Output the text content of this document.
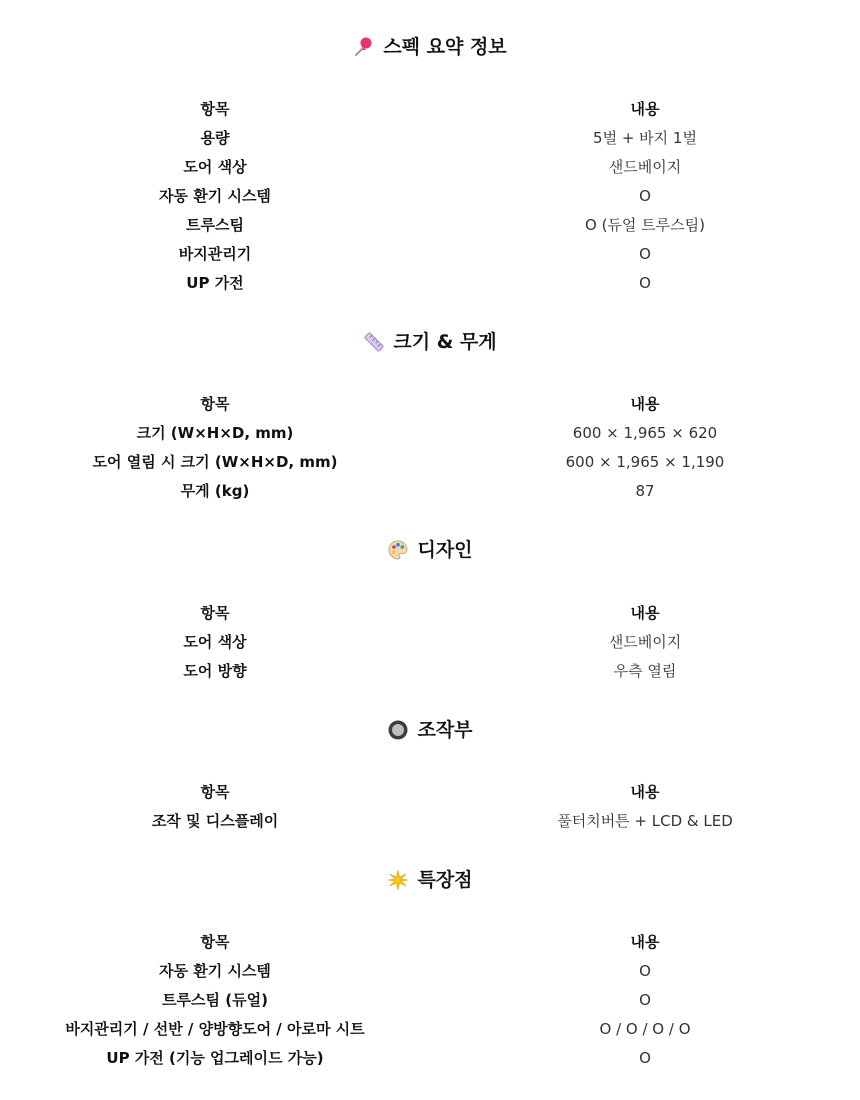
스펙 요약 정보
항목	내용
용량	5벌 + 바지 1벌
도어 색상	샌드베이지
자동 환기 시스템	O
트루스팀	O (듀얼 트루스팀)
바지관리기	O
UP 가전	O
크기 & 무게
항목	내용
크기 (W×H×D, mm)	600 × 1,965 × 620
도어 열림 시 크기 (W×H×D, mm)	600 × 1,965 × 1,190
무게 (kg)	87
디자인
항목	내용
도어 색상	샌드베이지
도어 방향	우측 열림
조작부
항목	내용
조작 및 디스플레이	풀터치버튼 + LCD & LED
특장점
항목	내용
자동 환기 시스템	O
트루스팀 (듀얼)	O
바지관리기 / 선반 / 양방향도어 / 아로마 시트	O / O / O / O
UP 가전 (기능 업그레이드 가능)	O
